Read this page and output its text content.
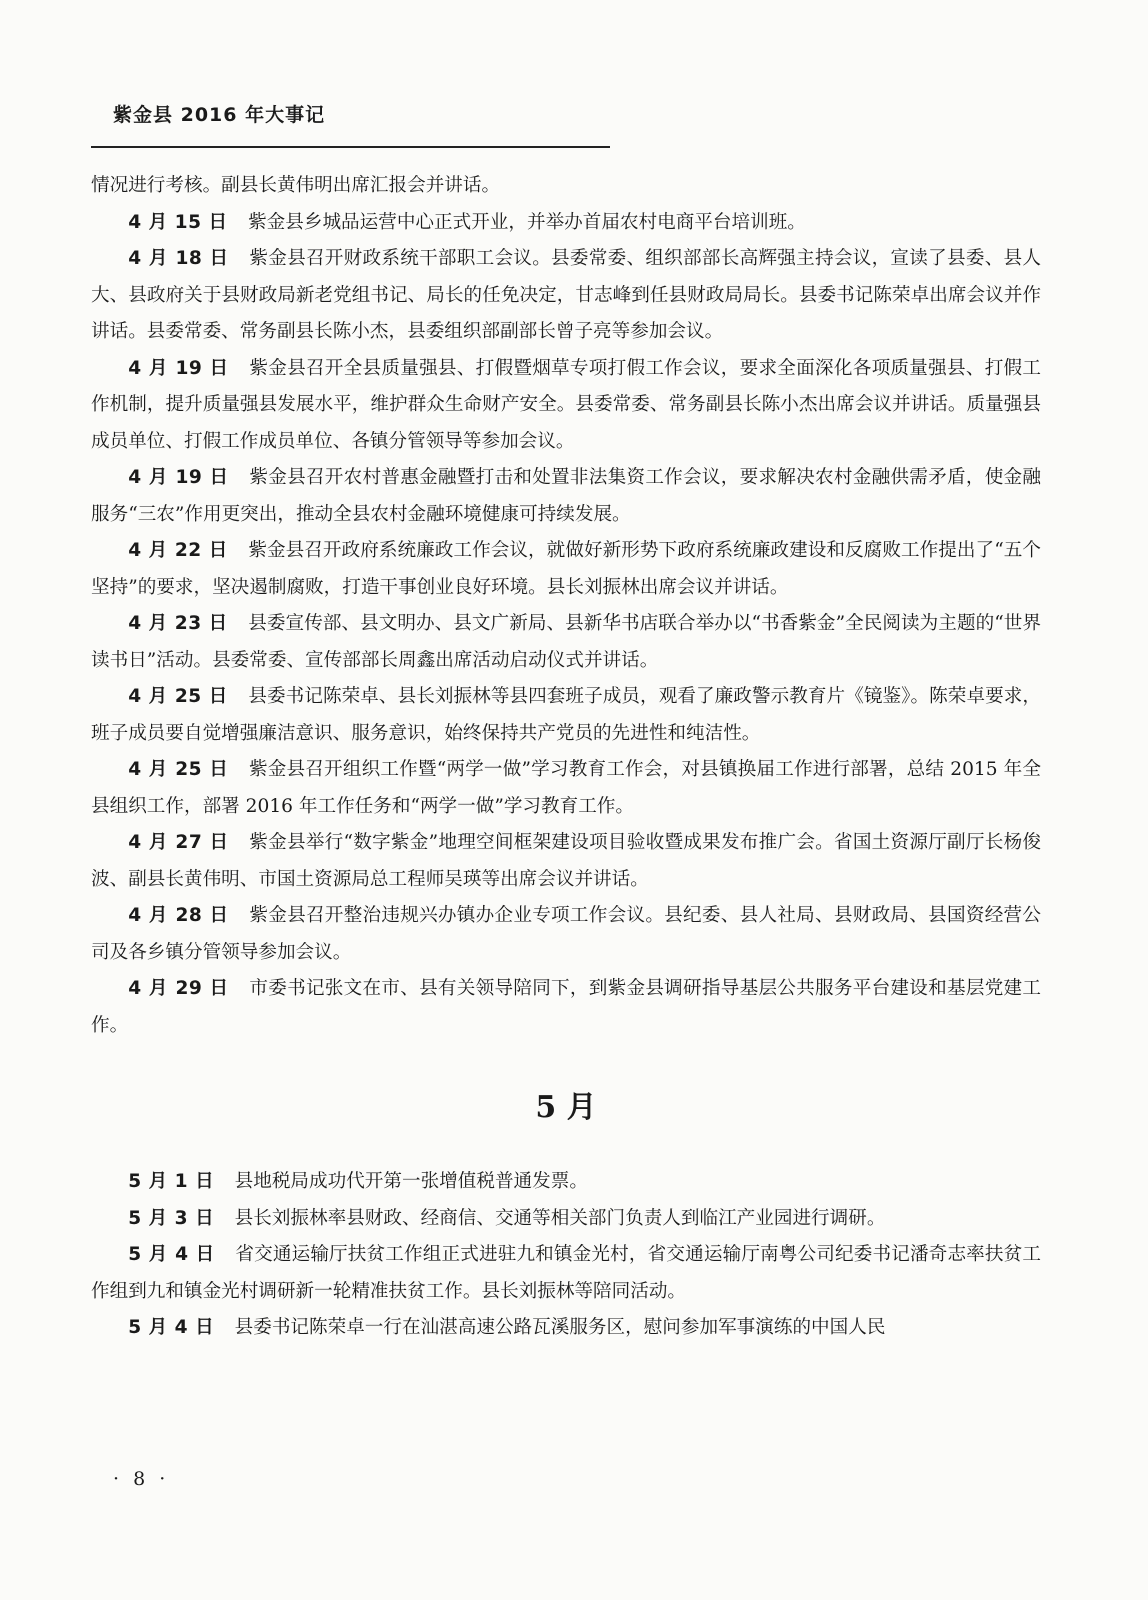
紫金县 2016 年大事记

情况进行考核。副县长黄伟明出席汇报会并讲话。

4 月 15 日 紫金县乡城品运营中心正式开业，并举办首届农村电商平台培训班。

4 月 18 日 紫金县召开财政系统干部职工会议。县委常委、组织部部长高辉强主持会议，宣读了县委、县人大、县政府关于县财政局新老党组书记、局长的任免决定，甘志峰到任县财政局局长。县委书记陈荣卓出席会议并作讲话。县委常委、常务副县长陈小杰，县委组织部副部长曾子亮等参加会议。

4 月 19 日 紫金县召开全县质量强县、打假暨烟草专项打假工作会议，要求全面深化各项质量强县、打假工作机制，提升质量强县发展水平，维护群众生命财产安全。县委常委、常务副县长陈小杰出席会议并讲话。质量强县成员单位、打假工作成员单位、各镇分管领导等参加会议。

4 月 19 日 紫金县召开农村普惠金融暨打击和处置非法集资工作会议，要求解决农村金融供需矛盾，使金融服务“三农”作用更突出，推动全县农村金融环境健康可持续发展。

4 月 22 日 紫金县召开政府系统廉政工作会议，就做好新形势下政府系统廉政建设和反腐败工作提出了“五个坚持”的要求，坚决遏制腐败，打造干事创业良好环境。县长刘振林出席会议并讲话。

4 月 23 日 县委宣传部、县文明办、县文广新局、县新华书店联合举办以“书香紫金”全民阅读为主题的“世界读书日”活动。县委常委、宣传部部长周鑫出席活动启动仪式并讲话。

4 月 25 日 县委书记陈荣卓、县长刘振林等县四套班子成员，观看了廉政警示教育片《镜鉴》。陈荣卓要求，班子成员要自觉增强廉洁意识、服务意识，始终保持共产党员的先进性和纯洁性。

4 月 25 日 紫金县召开组织工作暨“两学一做”学习教育工作会，对县镇换届工作进行部署，总结 2015 年全县组织工作，部署 2016 年工作任务和“两学一做”学习教育工作。

4 月 27 日 紫金县举行“数字紫金”地理空间框架建设项目验收暨成果发布推广会。省国土资源厅副厅长杨俊波、副县长黄伟明、市国土资源局总工程师吴瑛等出席会议并讲话。

4 月 28 日 紫金县召开整治违规兴办镇办企业专项工作会议。县纪委、县人社局、县财政局、县国资经营公司及各乡镇分管领导参加会议。

4 月 29 日 市委书记张文在市、县有关领导陪同下，到紫金县调研指导基层公共服务平台建设和基层党建工作。

5 月

5 月 1 日 县地税局成功代开第一张增值税普通发票。

5 月 3 日 县长刘振林率县财政、经商信、交通等相关部门负责人到临江产业园进行调研。

5 月 4 日 省交通运输厅扶贫工作组正式进驻九和镇金光村，省交通运输厅南粤公司纪委书记潘奇志率扶贫工作组到九和镇金光村调研新一轮精准扶贫工作。县长刘振林等陪同活动。

5 月 4 日 县委书记陈荣卓一行在汕湛高速公路瓦溪服务区，慰问参加军事演练的中国人民

· 8 ·
